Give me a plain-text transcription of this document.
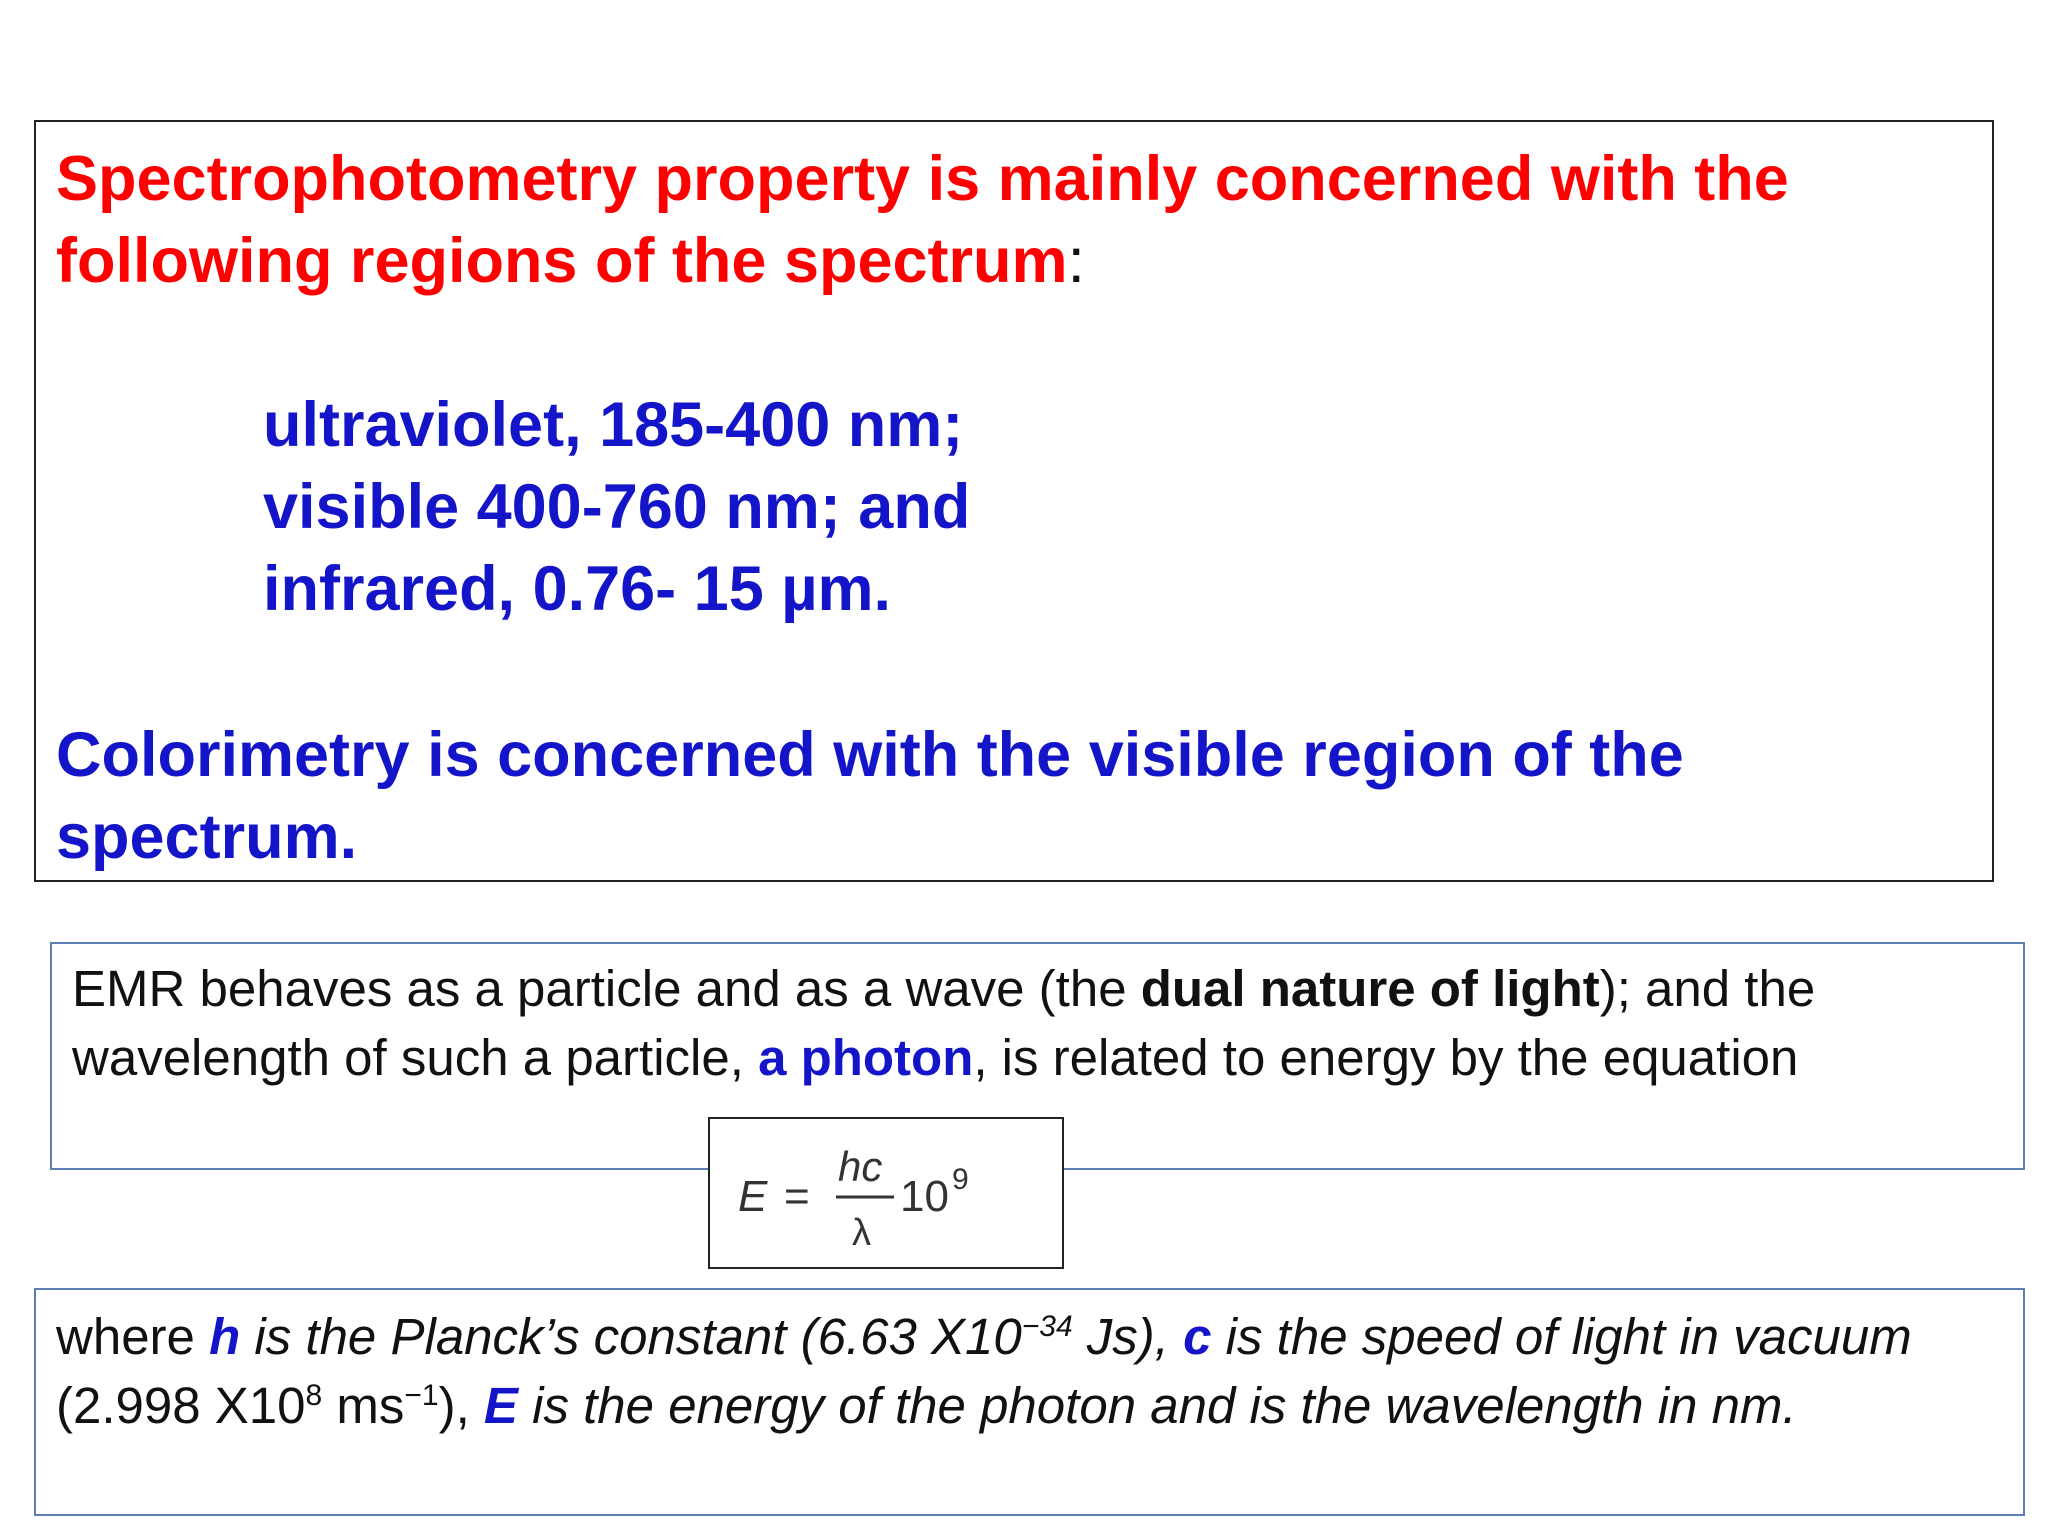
Spectrophotometry property is mainly concerned with the
following regions of the spectrum:

ultraviolet, 185-400 nm;
visible 400-760 nm; and
infrared, 0.76- 15 µm.

Colorimetry is concerned with the visible region of the spectrum.

EMR behaves as a particle and as a wave (the dual nature of light); and the wavelength of such a particle, a photon, is related to energy by the equation

E =
hc
λ
10 9

where h is the Planck’s constant (6.63 $X10^{-34}$ Js), c is the speed of light in vacuum (2.998 $X10^8$ $ms^{-1}$), E is the energy of the photon and is the wavelength in nm.
